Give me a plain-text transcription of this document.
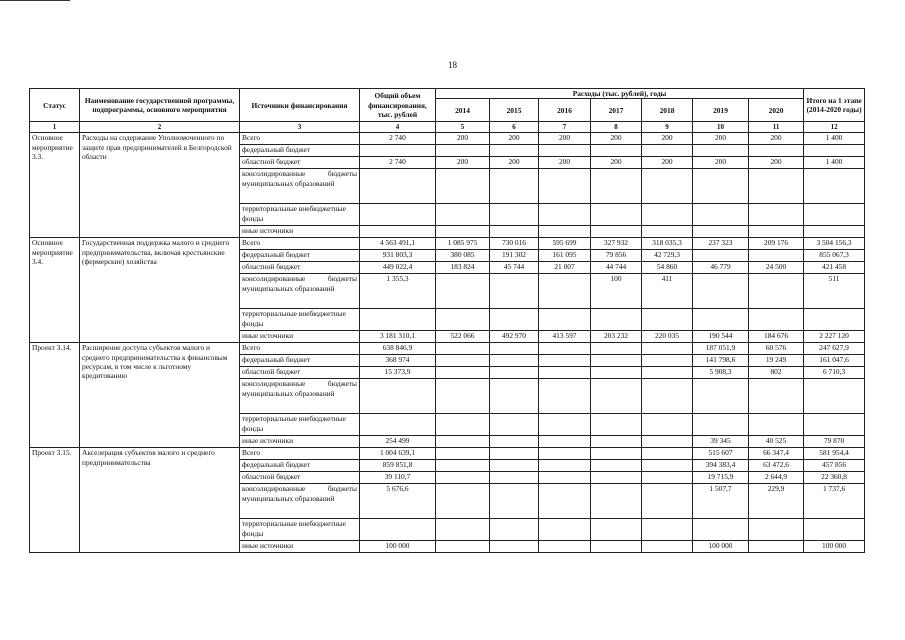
18
Статус	Наименование государственной программы, подпрограммы, основного мероприятия	Источники финансирования	Общий объем финансирования, тыс. рублей	Расходы (тыс. рублей), годы							Итого на 1 этапе (2014-2020 годы)
				2014	2015	2016	2017	2018	2019	2020	
1	2	3	4	5	6	7	8	9	10	11	12
Основное мероприятие 3.3.	Расходы на содержание Уполномоченного по защите прав предпринимателей в Белгородской области	Всего	2 740	200	200	200	200	200	200	200	1 400
		федеральный бюджет									
		областной бюджет	2 740	200	200	200	200	200	200	200	1 400
		консолидированные бюджеты муниципальных образований									
		территориальные внебюджетные фонды									
		иные источники									
Основное мероприятие 3.4.	Государственная поддержка малого и среднего предпринимательства, включая крестьянские (фермерские) хозяйства	Всего	4 563 491,1	1 085 975	730 016	595 699	327 932	318 035,3	237 323	209 176	3 504 156,3
		федеральный бюджет	931 803,3	380 085	191 302	161 095	79 856	42 729,3			855 067,3
		областной бюджет	449 022,4	183 824	45 744	21 007	44 744	54 860	46 779	24 500	421 458
		консолидированные бюджеты муниципальных образований	1 355,3				100	411			511
		территориальные внебюджетные фонды									
		иные источники	3 181 310,1	522 066	492 970	413 597	203 232	220 035	190 544	184 676	2 227 120
Проект 3.14.	Расширение доступа субъектов малого и среднего предпринимательства к финансовым ресурсам, в том числе к льготному кредитованию	Всего	638 846,9						187 051,9	60 576	247 627,9
		федеральный бюджет	368 974						141 798,6	19 249	161 047,6
		областной бюджет	15 373,9						5 908,3	802	6 710,3
		консолидированные бюджеты муниципальных образований									
		территориальные внебюджетные фонды									
		иные источники	254 499						39 345	40 525	79 870
Проект 3.15.	Акселерация субъектов малого и среднего предпринимательства	Всего	1 004 639,1						515 607	66 347,4	581 954,4
		федеральный бюджет	859 851,8						394 383,4	63 472,6	457 856
		областной бюджет	39 110,7						19 715,9	2 644,9	22 360,8
		консолидированные бюджеты муниципальных образований	5 676,6						1 507,7	229,9	1 737,6
		территориальные внебюджетные фонды									
		иные источники	100 000						100 000		100 000
